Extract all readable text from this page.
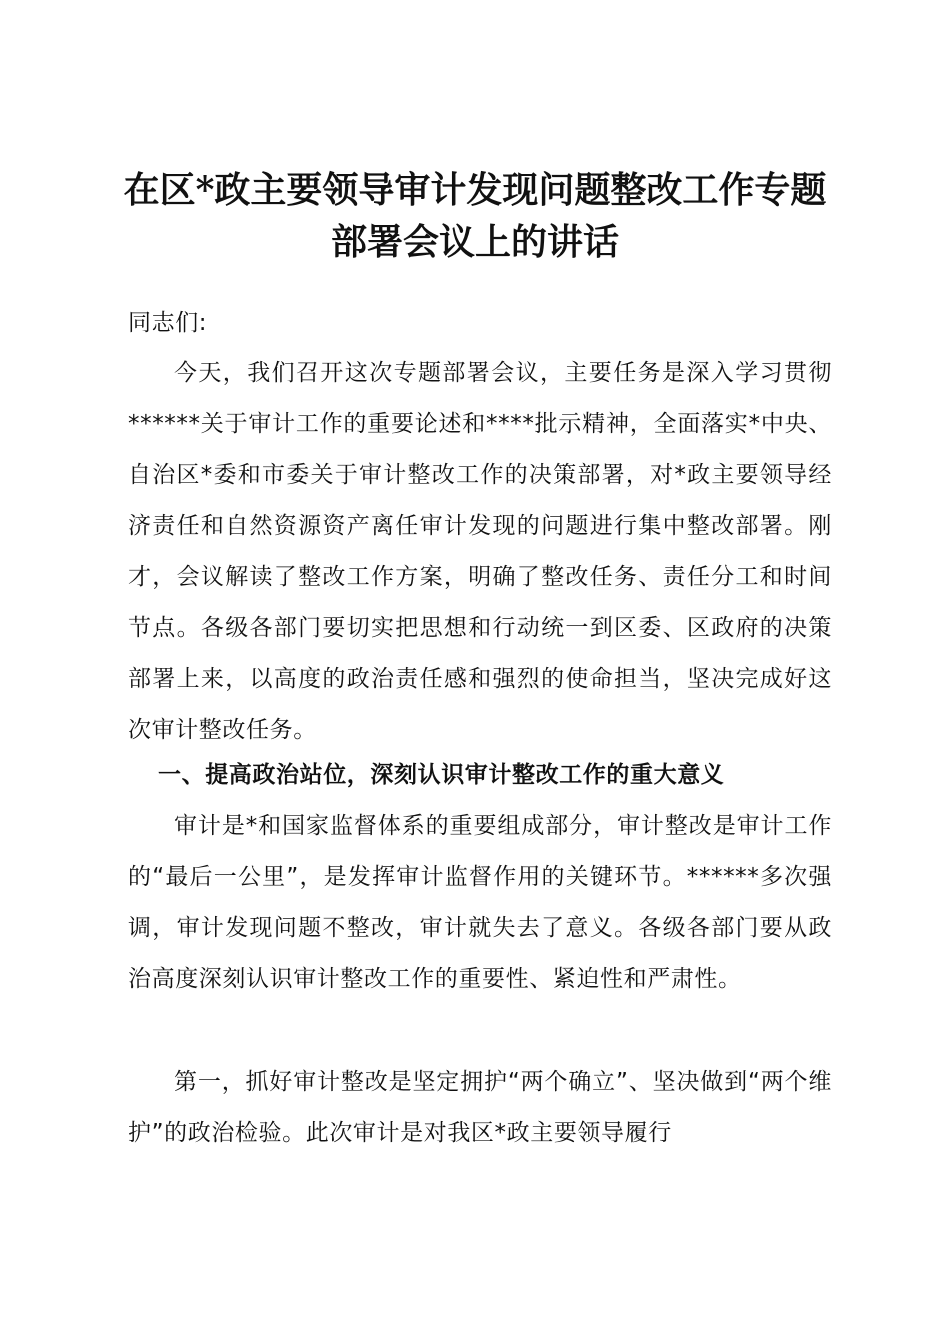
在区*政主要领导审计发现问题整改工作专题
部署会议上的讲话

同志们:

今天，我们召开这次专题部署会议，主要任务是深入学习贯彻******关于审计工作的重要论述和****批示精神，全面落实*中央、自治区*委和市委关于审计整改工作的决策部署，对*政主要领导经济责任和自然资源资产离任审计发现的问题进行集中整改部署。刚才，会议解读了整改工作方案，明确了整改任务、责任分工和时间节点。各级各部门要切实把思想和行动统一到区委、区政府的决策部署上来，以高度的政治责任感和强烈的使命担当，坚决完成好这次审计整改任务。

一、提高政治站位，深刻认识审计整改工作的重大意义

审计是*和国家监督体系的重要组成部分，审计整改是审计工作的“最后一公里”，是发挥审计监督作用的关键环节。******多次强调，审计发现问题不整改，审计就失去了意义。各级各部门要从政治高度深刻认识审计整改工作的重要性、紧迫性和严肃性。

第一，抓好审计整改是坚定拥护“两个确立”、坚决做到“两个维护”的政治检验。此次审计是对我区*政主要领导履行
